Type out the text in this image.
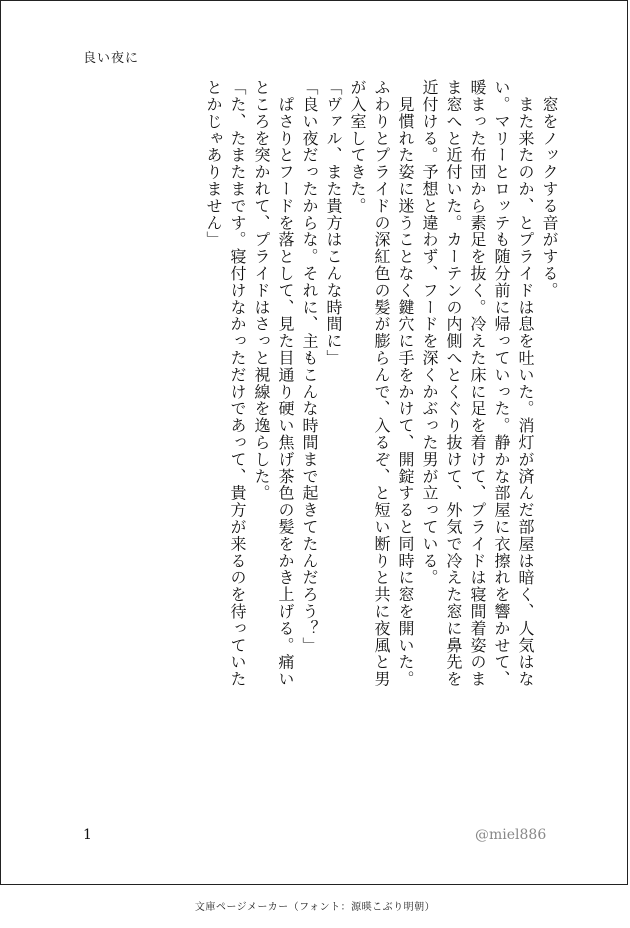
良い夜に
　窓をノックする音がする。
　また来たのか、とプライドは息を吐いた。消灯が済んだ部屋は暗く、人気はな
い。マリーとロッテも随分前に帰っていった。静かな部屋に衣擦れを響かせて、
暖まった布団から素足を抜く。冷えた床に足を着けて、プライドは寝間着姿のま
ま窓へと近付いた。カーテンの内側へとくぐり抜けて、外気で冷えた窓に鼻先を
近付ける。予想と違わず、フードを深くかぶった男が立っている。
　見慣れた姿に迷うことなく鍵穴に手をかけて、開錠すると同時に窓を開いた。
ふわりとプライドの深紅色の髪が膨らんで、入るぞ、と短い断りと共に夜風と男
が入室してきた。
「ヴァル、また貴方はこんな時間に」
「良い夜だったからな。それに、主もこんな時間まで起きてたんだろう？」
　ぱさりとフードを落として、見た目通り硬い焦げ茶色の髪をかき上げる。痛い
ところを突かれて、プライドはさっと視線を逸らした。
「た、たまたまです。寝付けなかっただけであって、貴方が来るのを待っていた
とかじゃありません」
1	@miel886
文庫ページメーカー（フォント：源暎こぶり明朝）
